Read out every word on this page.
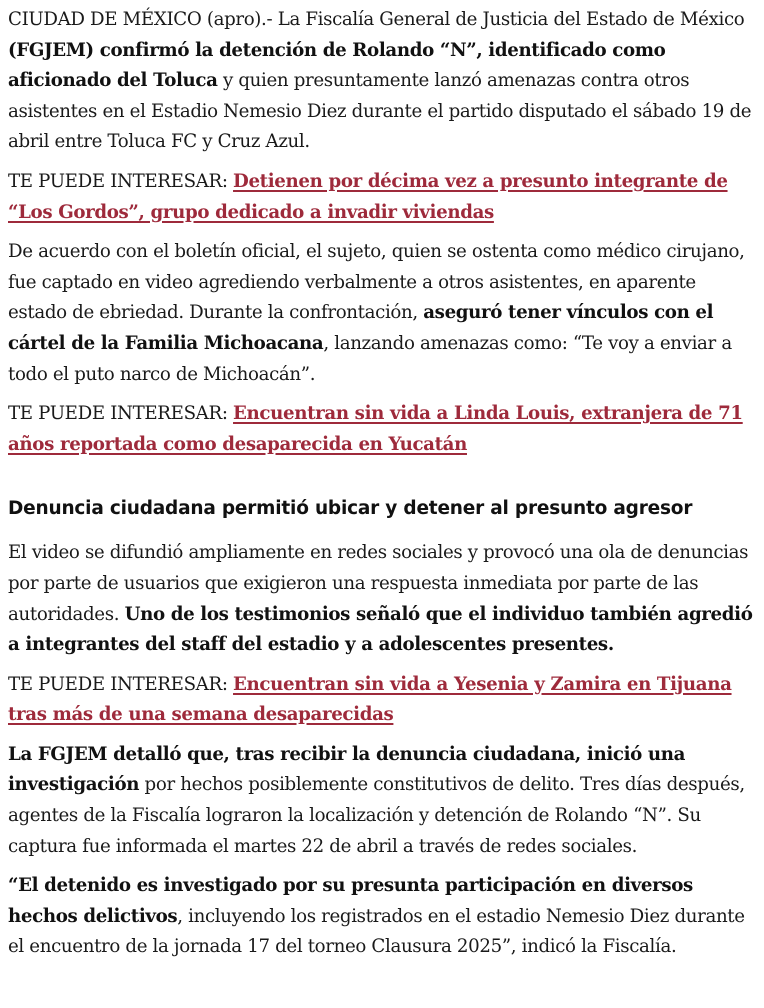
CIUDAD DE MÉXICO (apro).- La Fiscalía General de Justicia del Estado de México (FGJEM) confirmó la detención de Rolando “N”, identificado como aficionado del Toluca y quien presuntamente lanzó amenazas contra otros asistentes en el Estadio Nemesio Diez durante el partido disputado el sábado 19 de abril entre Toluca FC y Cruz Azul.

TE PUEDE INTERESAR: Detienen por décima vez a presunto integrante de “Los Gordos”, grupo dedicado a invadir viviendas

De acuerdo con el boletín oficial, el sujeto, quien se ostenta como médico cirujano, fue captado en video agrediendo verbalmente a otros asistentes, en aparente estado de ebriedad. Durante la confrontación, aseguró tener vínculos con el cártel de la Familia Michoacana, lanzando amenazas como: “Te voy a enviar a todo el puto narco de Michoacán”.

TE PUEDE INTERESAR: Encuentran sin vida a Linda Louis, extranjera de 71 años reportada como desaparecida en Yucatán

Denuncia ciudadana permitió ubicar y detener al presunto agresor

El video se difundió ampliamente en redes sociales y provocó una ola de denuncias por parte de usuarios que exigieron una respuesta inmediata por parte de las autoridades. Uno de los testimonios señaló que el individuo también agredió a integrantes del staff del estadio y a adolescentes presentes.

TE PUEDE INTERESAR: Encuentran sin vida a Yesenia y Zamira en Tijuana tras más de una semana desaparecidas

La FGJEM detalló que, tras recibir la denuncia ciudadana, inició una investigación por hechos posiblemente constitutivos de delito. Tres días después, agentes de la Fiscalía lograron la localización y detención de Rolando “N”. Su captura fue informada el martes 22 de abril a través de redes sociales.

“El detenido es investigado por su presunta participación en diversos hechos delictivos, incluyendo los registrados en el estadio Nemesio Diez durante el encuentro de la jornada 17 del torneo Clausura 2025”, indicó la Fiscalía.
